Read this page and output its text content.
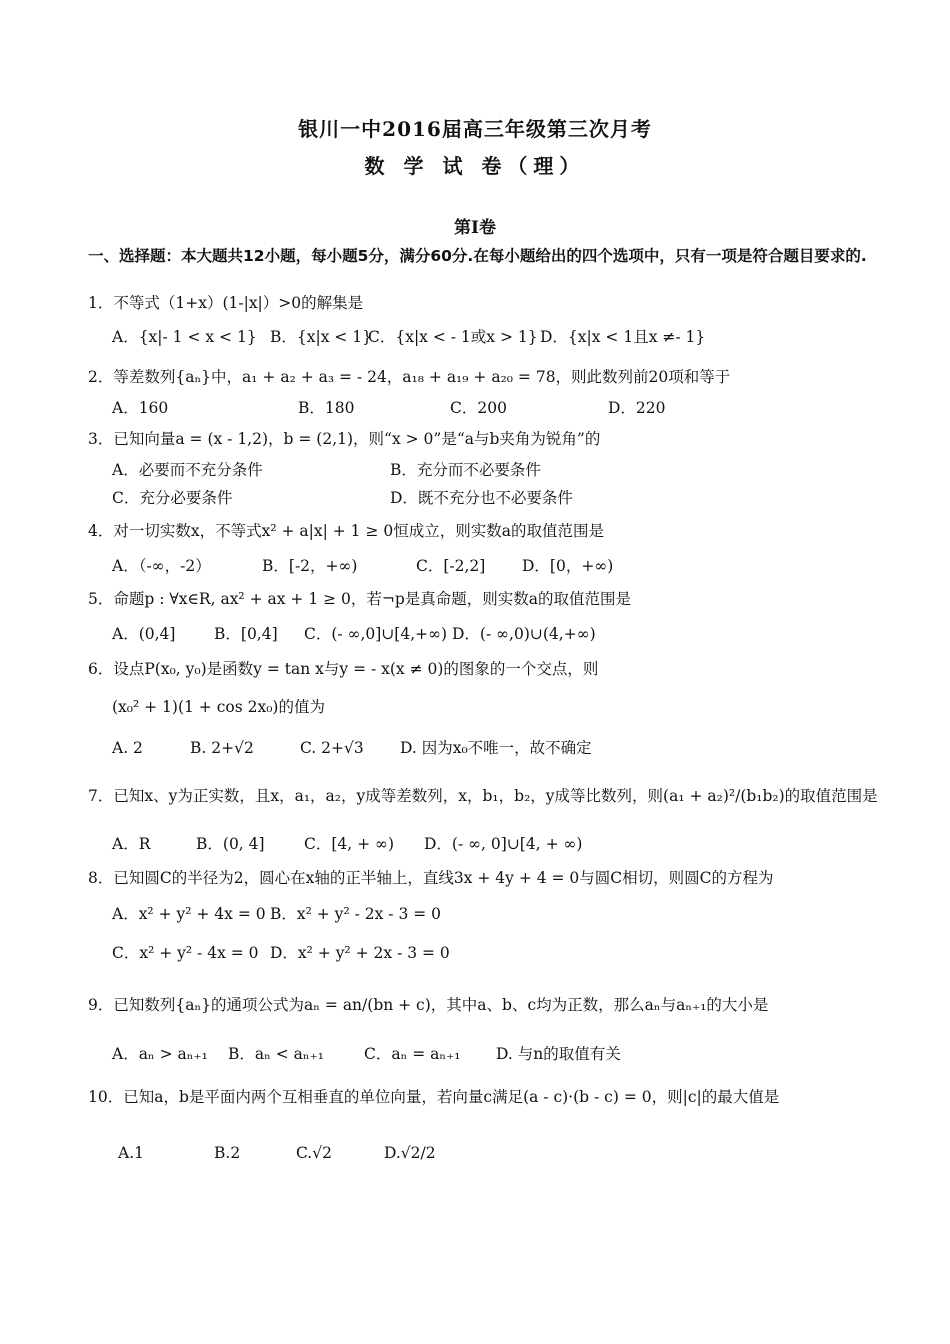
银川一中2016届高三年级第三次月考
数 学 试 卷（理）
第Ⅰ卷
一、选择题：本大题共12小题，每小题5分，满分60分.在每小题给出的四个选项中，只有一项是符合题目要求的.
1．不等式（1+x）(1-|x|）>0的解集是
A．{x|- 1 < x < 1} B．{x|x < 1}
C．{x|x < - 1或x > 1} D．{x|x < 1且x ≠- 1}
2．等差数列{aₙ}中，a₁ + a₂ + a₃ = - 24，a₁₈ + a₁₉ + a₂₀ = 78，则此数列前20项和等于
A．160	B．180	C．200	D．220
3．已知向量a = (x - 1,2)，b = (2,1)，则“x > 0”是“a与b夹角为锐角”的
A．必要而不充分条件	B．充分而不必要条件
C．充分必要条件	D．既不充分也不必要条件
4．对一切实数x，不等式x² + a|x| + 1 ≥ 0恒成立，则实数a的取值范围是
A．（-∞，-2）	B．[-2，+∞)	C．[-2,2] D．[0，+∞)
5．命题p : ∀x∈R, ax² + ax + 1 ≥ 0，若¬p是真命题，则实数a的取值范围是
A．(0,4] B．[0,4] C．(- ∞,0]∪[4,+∞) D．(- ∞,0)∪(4,+∞)
6．设点P(x₀, y₀)是函数y = tan x与y = - x(x ≠ 0)的图象的一个交点，则
(x₀² + 1)(1 + cos 2x₀)的值为
A. 2	B. 2+√2	C. 2+√3 D. 因为x₀不唯一，故不确定
7．已知x、y为正实数，且x，a₁，a₂，y成等差数列，x，b₁，b₂，y成等比数列，则(a₁ + a₂)²/(b₁b₂)的取值范围是
A．R	B．(0, 4]	C．[4, + ∞) D．(- ∞, 0]∪[4, + ∞)
8．已知圆C的半径为2，圆心在x轴的正半轴上，直线3x + 4y + 4 = 0与圆C相切，则圆C的方程为
A．x² + y² + 4x = 0 B．x² + y² - 2x - 3 = 0
C．x² + y² - 4x = 0 D．x² + y² + 2x - 3 = 0
9．已知数列{aₙ}的通项公式为aₙ = an/(bn + c)，其中a、b、c均为正数，那么aₙ与aₙ₊₁的大小是
A．aₙ > aₙ₊₁ B．aₙ < aₙ₊₁	C．aₙ = aₙ₊₁ D. 与n的取值有关
10．已知a，b是平面内两个互相垂直的单位向量，若向量c满足(a - c)·(b - c) = 0，则|c|的最大值是
A.1	B.2	C.√2	D.√2/2
